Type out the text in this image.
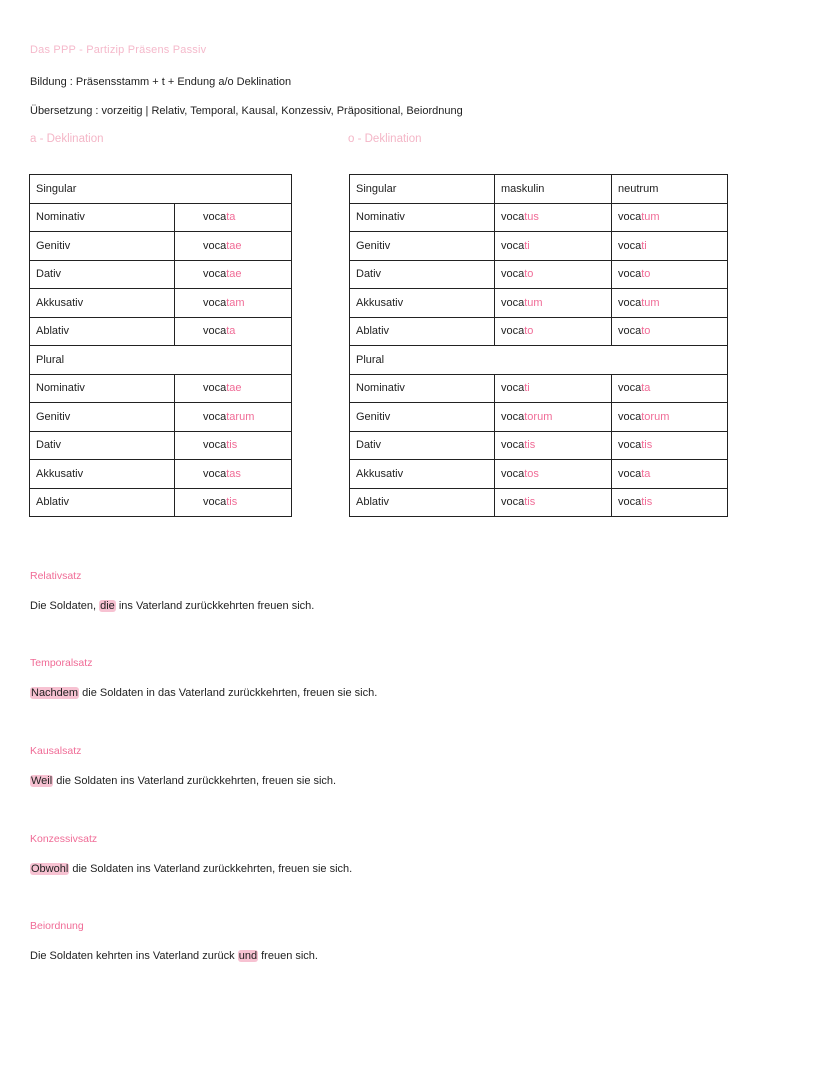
Das PPP - Partizip Präsens Passiv
Bildung : Präsensstamm + t + Endung a/o Deklination
Übersetzung : vorzeitig | Relativ, Temporal, Kausal, Konzessiv, Präpositional, Beiordnung
a - Deklination	o - Deklination
Singular	
Nominativ	vocata
Genitiv	vocatae
Dativ	vocatae
Akkusativ	vocatam
Ablativ	vocata
Plural	
Nominativ	vocatae
Genitiv	vocatarum
Dativ	vocatis
Akkusativ	vocatas
Ablativ	vocatis
Singular	maskulin	neutrum
Nominativ	vocatus	vocatum
Genitiv	vocati	vocati
Dativ	vocato	vocato
Akkusativ	vocatum	vocatum
Ablativ	vocato	vocato
Plural		
Nominativ	vocati	vocata
Genitiv	vocatorum	vocatorum
Dativ	vocatis	vocatis
Akkusativ	vocatos	vocata
Ablativ	vocatis	vocatis
Relativsatz
Die Soldaten, die ins Vaterland zurückkehrten freuen sich.
Temporalsatz
Nachdem die Soldaten in das Vaterland zurückkehrten, freuen sie sich.
Kausalsatz
Weil die Soldaten ins Vaterland zurückkehrten, freuen sie sich.
Konzessivsatz
Obwohl die Soldaten ins Vaterland zurückkehrten, freuen sie sich.
Beiordnung
Die Soldaten kehrten ins Vaterland zurück und freuen sich.
